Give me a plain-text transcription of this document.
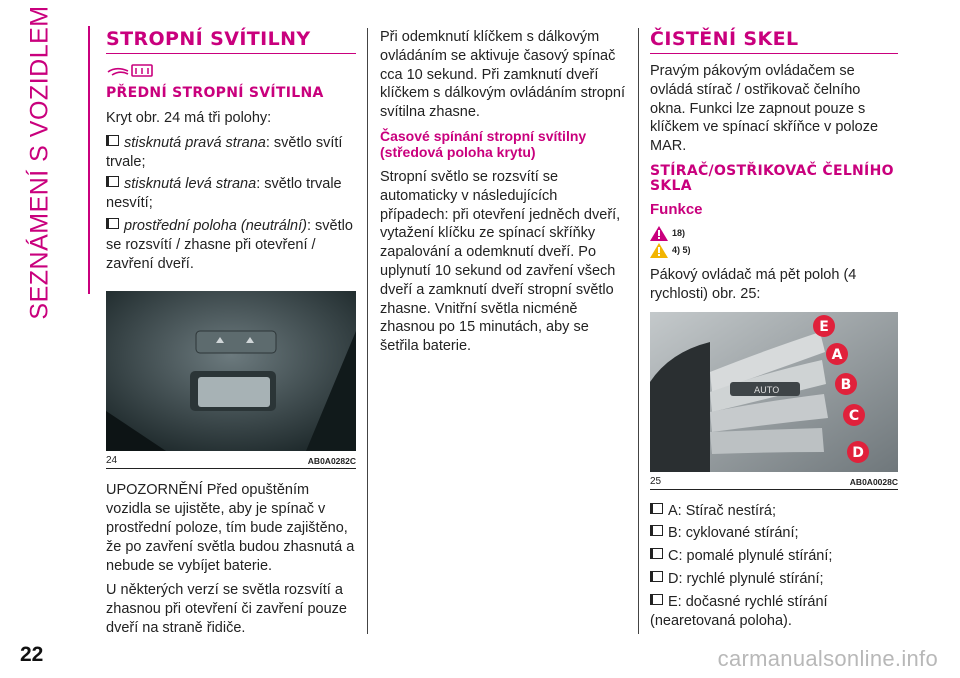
SEZNÁMENÍ S VOZIDLEM	STROPNÍ SVÍTILNY
PŘEDNÍ STROPNÍ SVÍTILNA

Kryt obr. 24 má tři polohy:

stisknutá pravá strana: světlo svítí trvale;
stisknutá levá strana: světlo trvale nesvítí;
prostřední poloha (neutrální): světlo se rozsvítí / zhasne při otevření / zavření dveří.
24	AB0A0282C

UPOZORNĚNÍ Před opuštěním vozidla se ujistěte, aby je spínač v prostřední poloze, tím bude zajištěno, že po zavření světla budou zhasnutá a nebude se vybíjet baterie.

U některých verzí se světla rozsvítí a zhasnou při otevření či zavření pouze dveří na straně řidiče.

Při odemknutí klíčkem s dálkovým ovládáním se aktivuje časový spínač cca 10 sekund. Při zamknutí dveří klíčkem s dálkovým ovládáním stropní svítilna zhasne.

Časové spínání stropní svítilny (středová poloha krytu)

Stropní světlo se rozsvítí se automaticky v následujících případech: při otevření jedněch dveří, vytažení klíčku ze spínací skříňky zapalování a odemknutí dveří. Po uplynutí 10 sekund od zavření všech dveří a zamknutí dveří stropní světlo zhasne. Vnitřní světla nicméně zhasnou po 15 minutách, aby se šetřila baterie.

ČISTĚNÍ SKEL

Pravým pákovým ovládačem se ovládá stírač / ostřikovač čelního okna. Funkci lze zapnout pouze s klíčkem ve spínací skříňce v poloze MAR.

STÍRAČ/OSTŘIKOVAČ ČELNÍHO SKLA
Funkce
18)
4) 5)

Pákový ovládač má pět poloh (4 rychlosti) obr. 25:

AUTO
E
A
B
C
D
25	AB0A0028C
A: Stírač nestírá;
B: cyklované stírání;
C: pomalé plynulé stírání;
D: rychlé plynulé stírání;
E: dočasné rychlé stírání (nearetovaná poloha).
22	carmanualsonline.info
